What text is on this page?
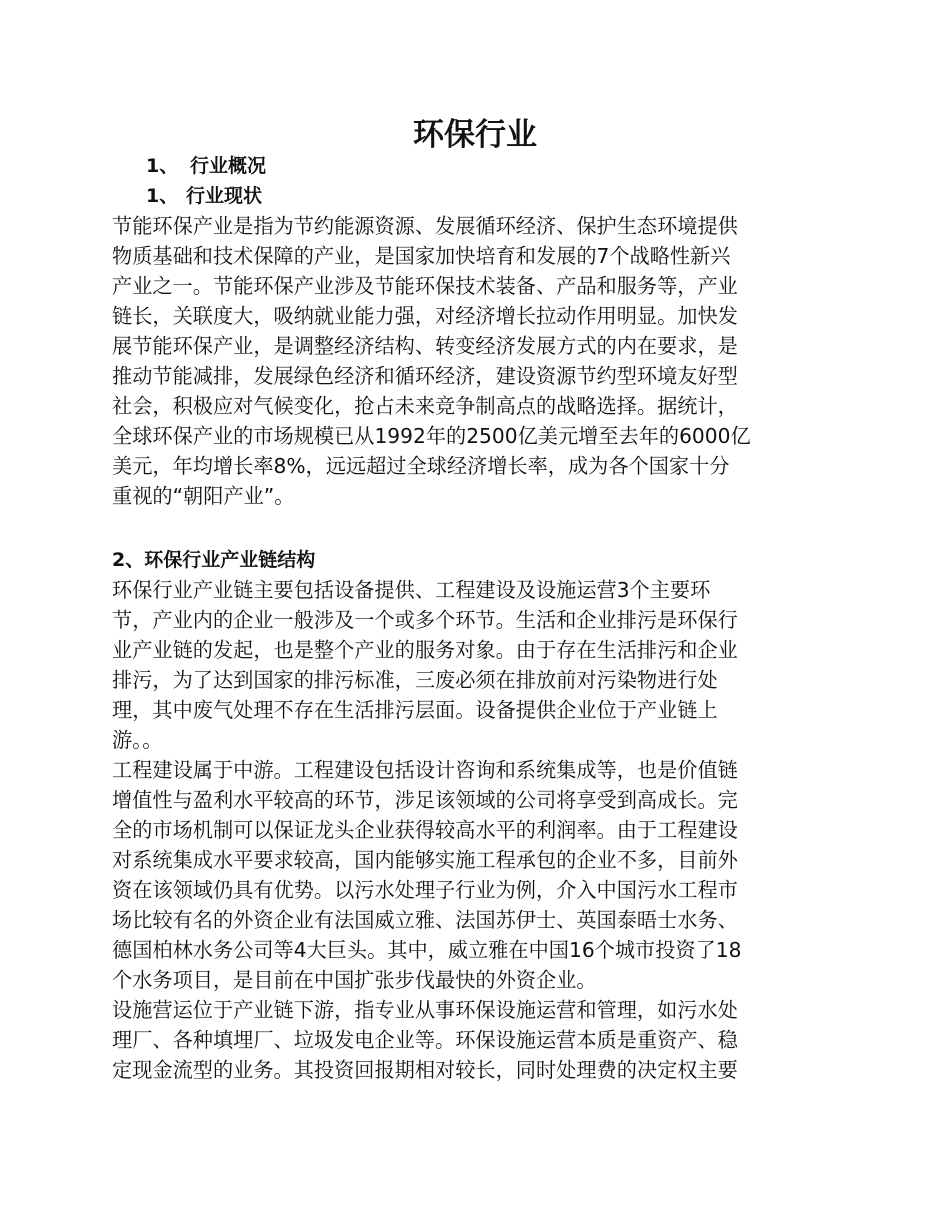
环保行业
1、 行业概况
1、 行业现状

节能环保产业是指为节约能源资源、发展循环经济、保护生态环境提供

物质基础和技术保障的产业，是国家加快培育和发展的7个战略性新兴

产业之一。节能环保产业涉及节能环保技术装备、产品和服务等，产业

链长，关联度大，吸纳就业能力强，对经济增长拉动作用明显。加快发

展节能环保产业，是调整经济结构、转变经济发展方式的内在要求，是

推动节能减排，发展绿色经济和循环经济，建设资源节约型环境友好型

社会，积极应对气候变化，抢占未来竞争制高点的战略选择。据统计，

全球环保产业的市场规模已从1992年的2500亿美元增至去年的6000亿

美元，年均增长率8%，远远超过全球经济增长率，成为各个国家十分

重视的“朝阳产业”。

2、环保行业产业链结构

环保行业产业链主要包括设备提供、工程建设及设施运营3个主要环

节，产业内的企业一般涉及一个或多个环节。生活和企业排污是环保行

业产业链的发起，也是整个产业的服务对象。由于存在生活排污和企业

排污，为了达到国家的排污标准，三废必须在排放前对污染物进行处

理，其中废气处理不存在生活排污层面。设备提供企业位于产业链上

游。。

工程建设属于中游。工程建设包括设计咨询和系统集成等，也是价值链

增值性与盈利水平较高的环节，涉足该领域的公司将享受到高成长。完

全的市场机制可以保证龙头企业获得较高水平的利润率。由于工程建设

对系统集成水平要求较高，国内能够实施工程承包的企业不多，目前外

资在该领域仍具有优势。以污水处理子行业为例，介入中国污水工程市

场比较有名的外资企业有法国威立雅、法国苏伊士、英国泰晤士水务、

德国柏林水务公司等4大巨头。其中，威立雅在中国16个城市投资了18

个水务项目，是目前在中国扩张步伐最快的外资企业。

设施营运位于产业链下游，指专业从事环保设施运营和管理，如污水处

理厂、各种填埋厂、垃圾发电企业等。环保设施运营本质是重资产、稳

定现金流型的业务。其投资回报期相对较长，同时处理费的决定权主要
